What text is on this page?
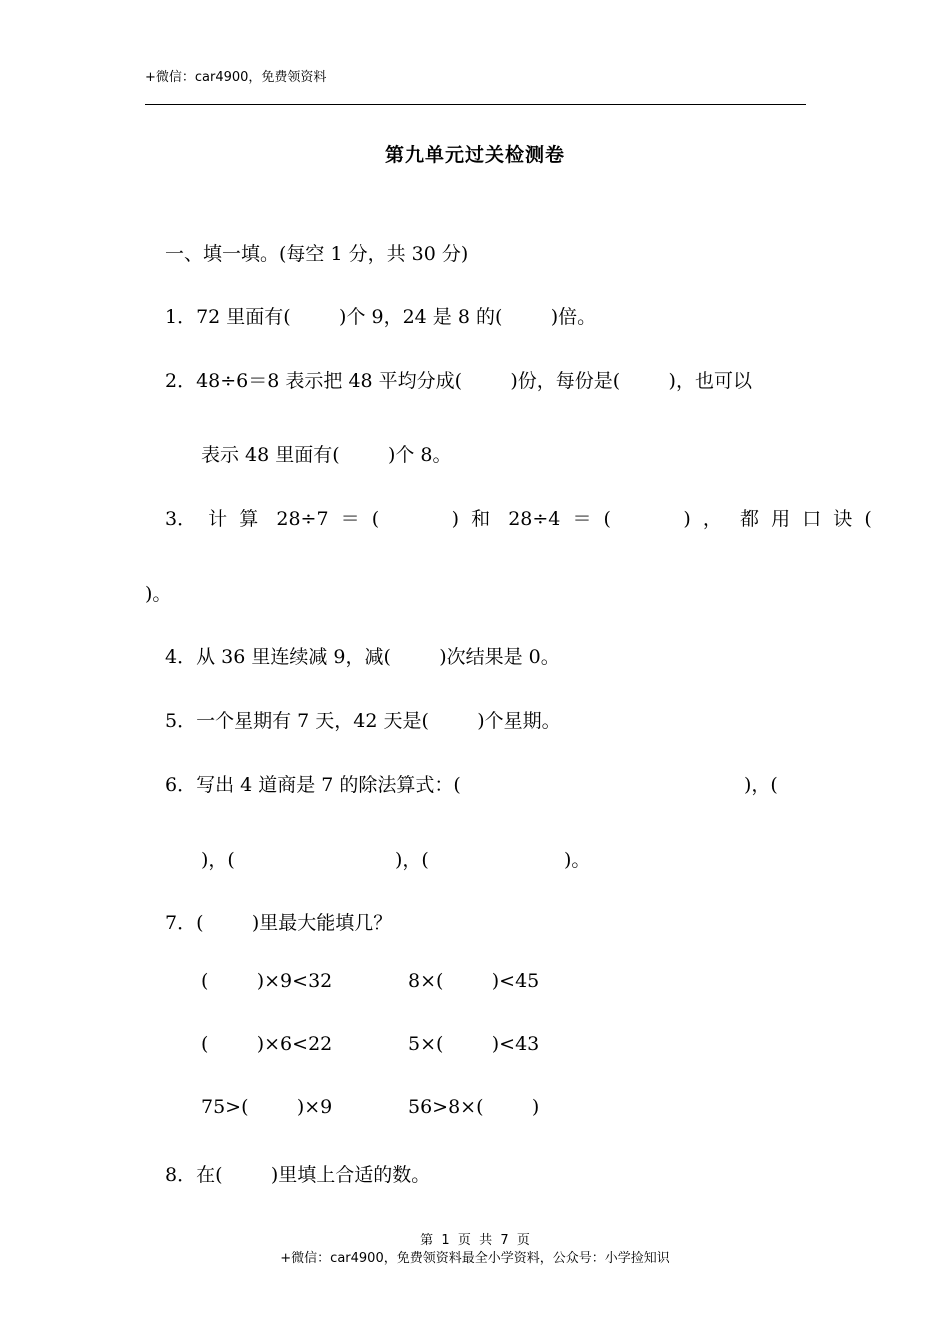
+微信：car4900，免费领资料
第九单元过关检测卷
一、填一填。(每空 1 分，共 30 分)
1．72 里面有(        )个 9，24 是 8 的(        )倍。
2．48÷6＝8 表示把 48 平均分成(        )份，每份是(        )，也可以
表示 48 里面有(        )个 8。
3．  计  算   28÷7  ＝  (            )  和   28÷4  ＝  (            )  ，   都  用  口  诀  (
)。
4．从 36 里连续减 9，减(        )次结果是 0。
5．一个星期有 7 天，42 天是(        )个星期。
6．写出 4 道商是 7 的除法算式：(	)，(
)，(	)，(	)。
7．(        )里最大能填几？
(        )×9<32	8×(        )<45
(        )×6<22	5×(        )<43
75>(        )×9	56>8×(        )
8．在(        )里填上合适的数。
第  1  页  共  7  页
+微信：car4900，免费领资料最全小学资料，公众号：小学捡知识
